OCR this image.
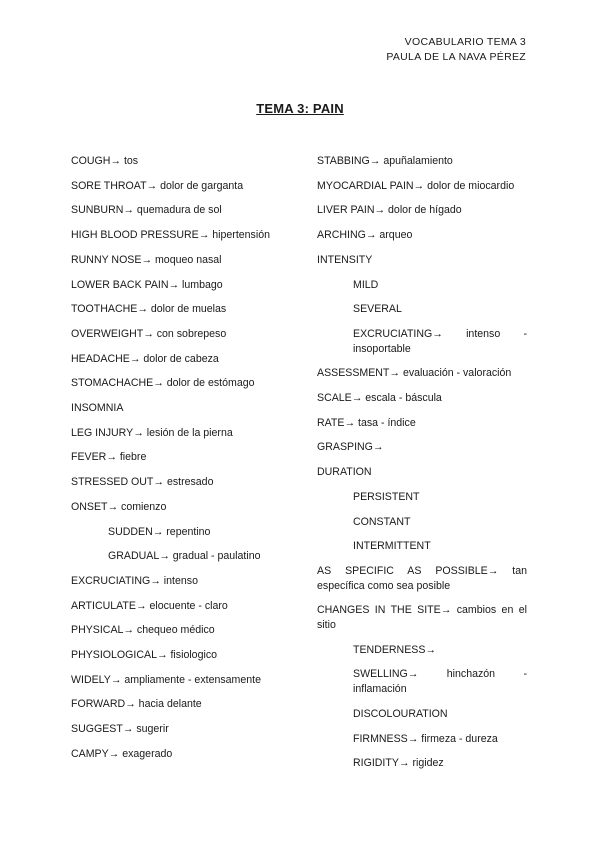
VOCABULARIO TEMA 3
PAULA DE LA NAVA PÉREZ
TEMA 3: PAIN
COUGH→ tos
SORE THROAT→ dolor de garganta
SUNBURN→ quemadura de sol
HIGH BLOOD PRESSURE→ hipertensión
RUNNY NOSE→ moqueo nasal
LOWER BACK PAIN→ lumbago
TOOTHACHE→ dolor de muelas
OVERWEIGHT→ con sobrepeso
HEADACHE→ dolor de cabeza
STOMACHACHE→ dolor de estómago
INSOMNIA
LEG INJURY→ lesión de la pierna
FEVER→ fiebre
STRESSED OUT→ estresado
ONSET→ comienzo
SUDDEN→ repentino
GRADUAL→ gradual - paulatino
EXCRUCIATING→ intenso
ARTICULATE→ elocuente - claro
PHYSICAL→ chequeo médico
PHYSIOLOGICAL→ fisiologico
WIDELY→ ampliamente - extensamente
FORWARD→ hacia delante
SUGGEST→ sugerir
CAMPY→ exagerado
STABBING→ apuñalamiento
MYOCARDIAL PAIN→ dolor de miocardio
LIVER PAIN→ dolor de hígado
ARCHING→ arqueo
INTENSITY
MILD
SEVERAL
EXCRUCIATING→ intenso - insoportable
ASSESSMENT→ evaluación - valoración
SCALE→ escala - báscula
RATE→ tasa - índice
GRASPING→
DURATION
PERSISTENT
CONSTANT
INTERMITTENT
AS SPECIFIC AS POSSIBLE→ tan específica como sea posible
CHANGES IN THE SITE→ cambios en el sitio
TENDERNESS→
SWELLING→ hinchazón - inflamación
DISCOLOURATION
FIRMNESS→ firmeza - dureza
RIGIDITY→ rigidez
